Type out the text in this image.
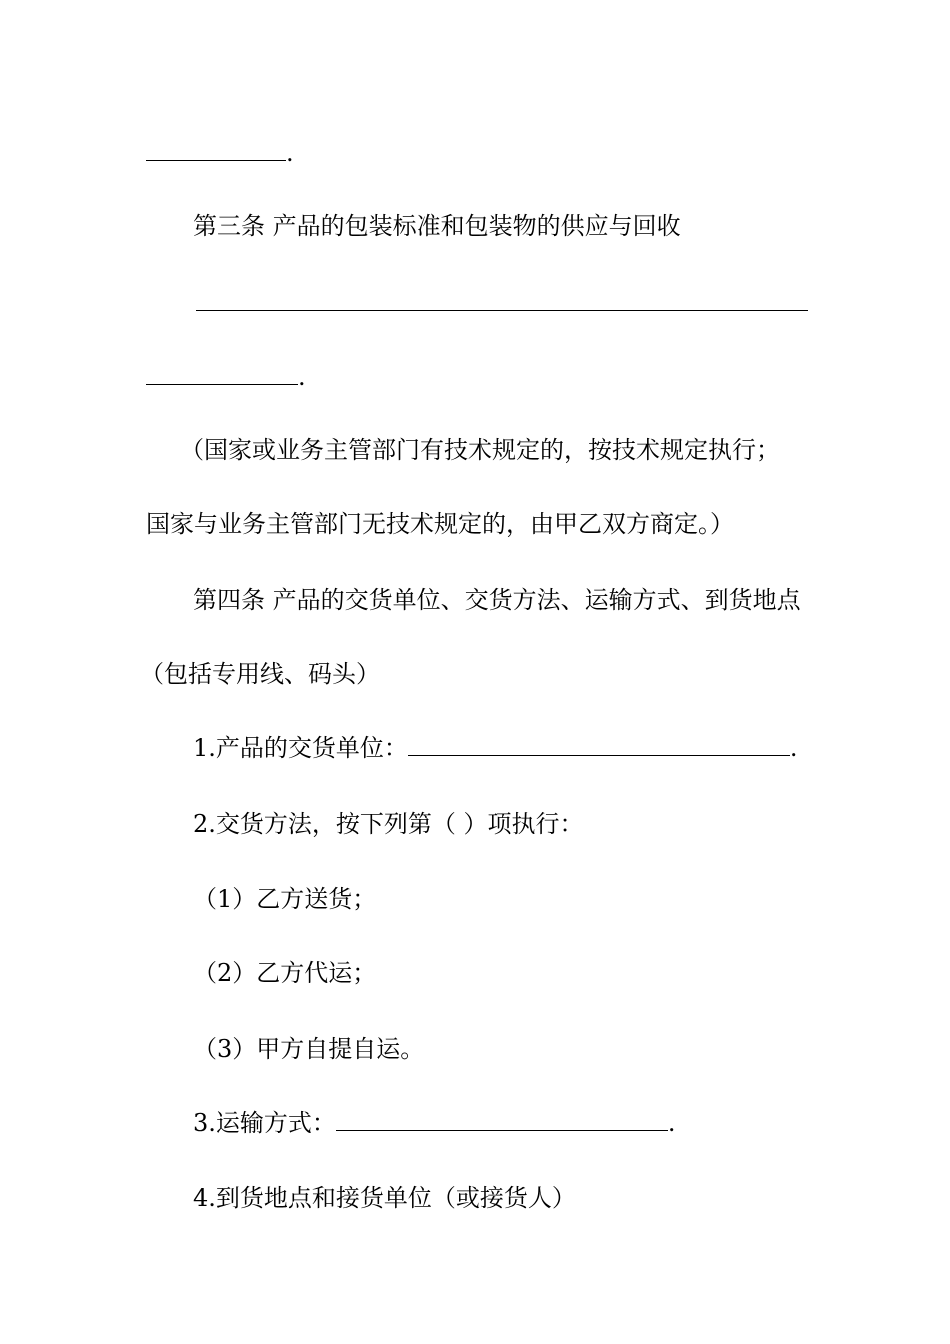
.
第三条 产品的包装标准和包装物的供应与回收
.
（国家或业务主管部门有技术规定的，按技术规定执行；
国家与业务主管部门无技术规定的，由甲乙双方商定。）
第四条 产品的交货单位、交货方法、运输方式、到货地点
（包括专用线、码头）
1.产品的交货单位：	.
2.交货方法，按下列第（ ）项执行：
（1）乙方送货；
（2）乙方代运；
（3）甲方自提自运。
3.运输方式：	.
4.到货地点和接货单位（或接货人）
